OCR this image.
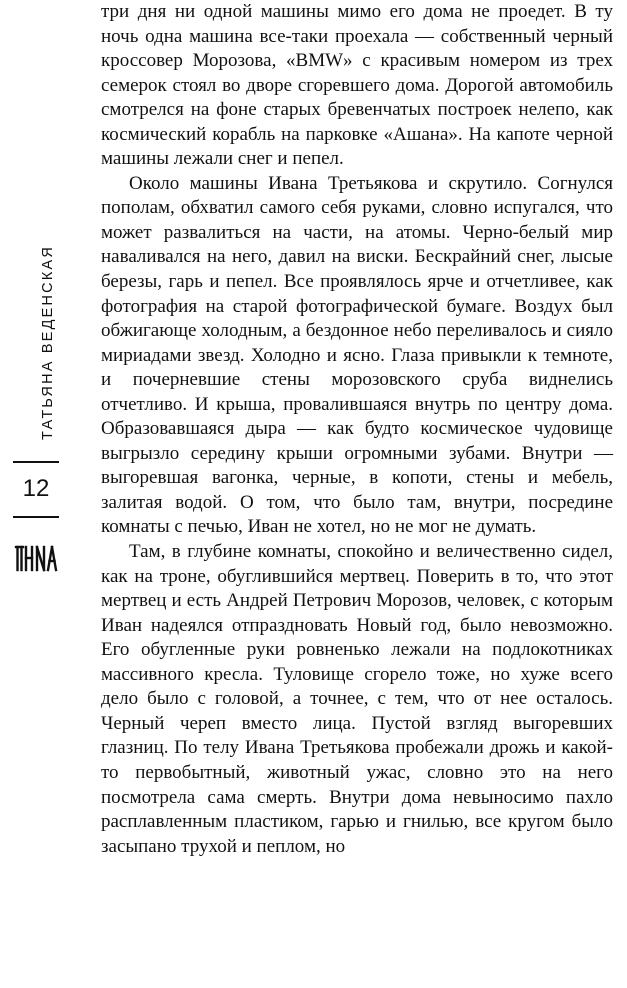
ТАТЬЯНА ВЕДЕНСКАЯ
12

три дня ни одной машины мимо его дома не проедет. В ту ночь одна машина все-таки проехала — собственный черный кроссовер Морозова, «BMW» с красивым номером из трех семерок стоял во дворе сгоревшего дома. Дорогой автомобиль смотрелся на фоне старых бревенчатых построек нелепо, как космический корабль на парковке «Ашана». На капоте черной машины лежали снег и пепел.

Около машины Ивана Третьякова и скрутило. Согнулся пополам, обхватил самого себя руками, словно испугался, что может развалиться на части, на атомы. Черно-белый мир наваливался на него, давил на виски. Бескрайний снег, лысые березы, гарь и пепел. Все проявлялось ярче и отчетливее, как фотография на старой фотографической бумаге. Воздух был обжигающе холодным, а бездонное небо переливалось и сияло мириадами звезд. Холодно и ясно. Глаза привыкли к темноте, и почерневшие стены морозовского сруба виднелись отчетливо. И крыша, провалившаяся внутрь по центру дома. Образовавшаяся дыра — как будто космическое чудовище выгрызло середину крыши огромными зубами. Внутри — выгоревшая вагонка, черные, в копоти, стены и мебель, залитая водой. О том, что было там, внутри, посредине комнаты с печью, Иван не хотел, но не мог не думать.

Там, в глубине комнаты, спокойно и величественно сидел, как на троне, обуглившийся мертвец. Поверить в то, что этот мертвец и есть Андрей Петрович Морозов, человек, с которым Иван надеялся отпраздновать Новый год, было невозможно. Его обугленные руки ровненько лежали на подлокотниках массивного кресла. Туловище сгорело тоже, но хуже всего дело было с головой, а точнее, с тем, что от нее осталось. Черный череп вместо лица. Пустой взгляд выгоревших глазниц. По телу Ивана Третьякова пробежали дрожь и какой-то первобытный, животный ужас, словно это на него посмотрела сама смерть. Внутри дома невыносимо пахло расплавленным пластиком, гарью и гнилью, все кругом было засыпано трухой и пеплом, но
